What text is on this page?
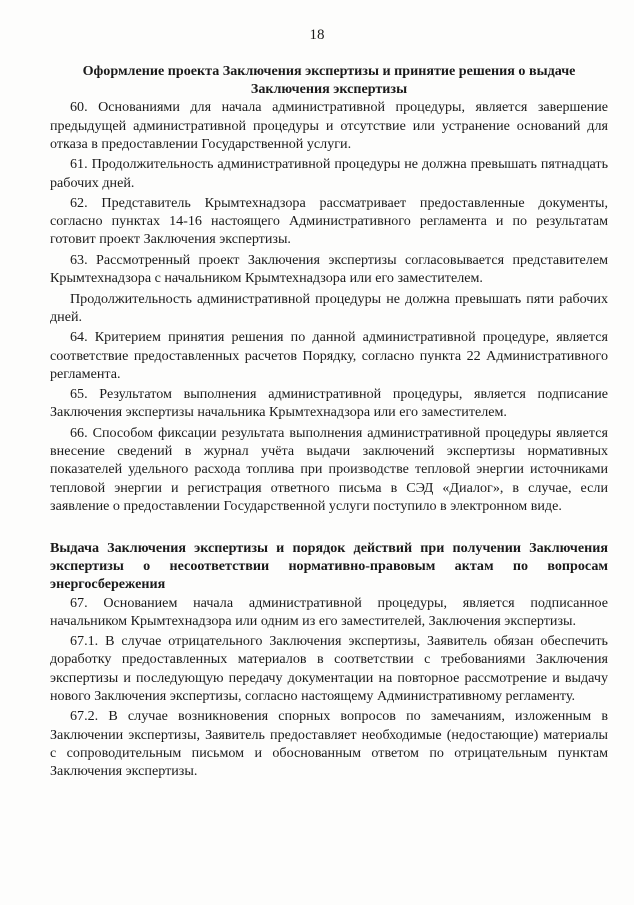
18
Оформление проекта Заключения экспертизы и принятие решения о выдаче Заключения экспертизы
60. Основаниями для начала административной процедуры, является завершение предыдущей административной процедуры и отсутствие или устранение оснований для отказа в предоставлении Государственной услуги.
61. Продолжительность административной процедуры не должна превышать пятнадцать рабочих дней.
62. Представитель Крымтехнадзора рассматривает предоставленные документы, согласно пунктах 14-16 настоящего Административного регламента и по результатам готовит проект Заключения экспертизы.
63. Рассмотренный проект Заключения экспертизы согласовывается представителем Крымтехнадзора с начальником Крымтехнадзора или его заместителем.
Продолжительность административной процедуры не должна превышать пяти рабочих дней.
64. Критерием принятия решения по данной административной процедуре, является соответствие предоставленных расчетов Порядку, согласно пункта 22 Административного регламента.
65. Результатом выполнения административной процедуры, является подписание Заключения экспертизы начальника Крымтехнадзора или его заместителем.
66. Способом фиксации результата выполнения административной процедуры является внесение сведений в журнал учёта выдачи заключений экспертизы нормативных показателей удельного расхода топлива при производстве тепловой энергии источниками тепловой энергии и регистрация ответного письма в СЭД «Диалог», в случае, если заявление о предоставлении Государственной услуги поступило в электронном виде.
Выдача Заключения экспертизы и порядок действий при получении Заключения экспертизы о несоответствии нормативно-правовым актам по вопросам энергосбережения
67. Основанием начала административной процедуры, является подписанное начальником Крымтехнадзора или одним из его заместителей, Заключения экспертизы.
67.1. В случае отрицательного Заключения экспертизы, Заявитель обязан обеспечить доработку предоставленных материалов в соответствии с требованиями Заключения экспертизы и последующую передачу документации на повторное рассмотрение и выдачу нового Заключения экспертизы, согласно настоящему Административному регламенту.
67.2. В случае возникновения спорных вопросов по замечаниям, изложенным в Заключении экспертизы, Заявитель предоставляет необходимые (недостающие) материалы с сопроводительным письмом и обоснованным ответом по отрицательным пунктам Заключения экспертизы.
